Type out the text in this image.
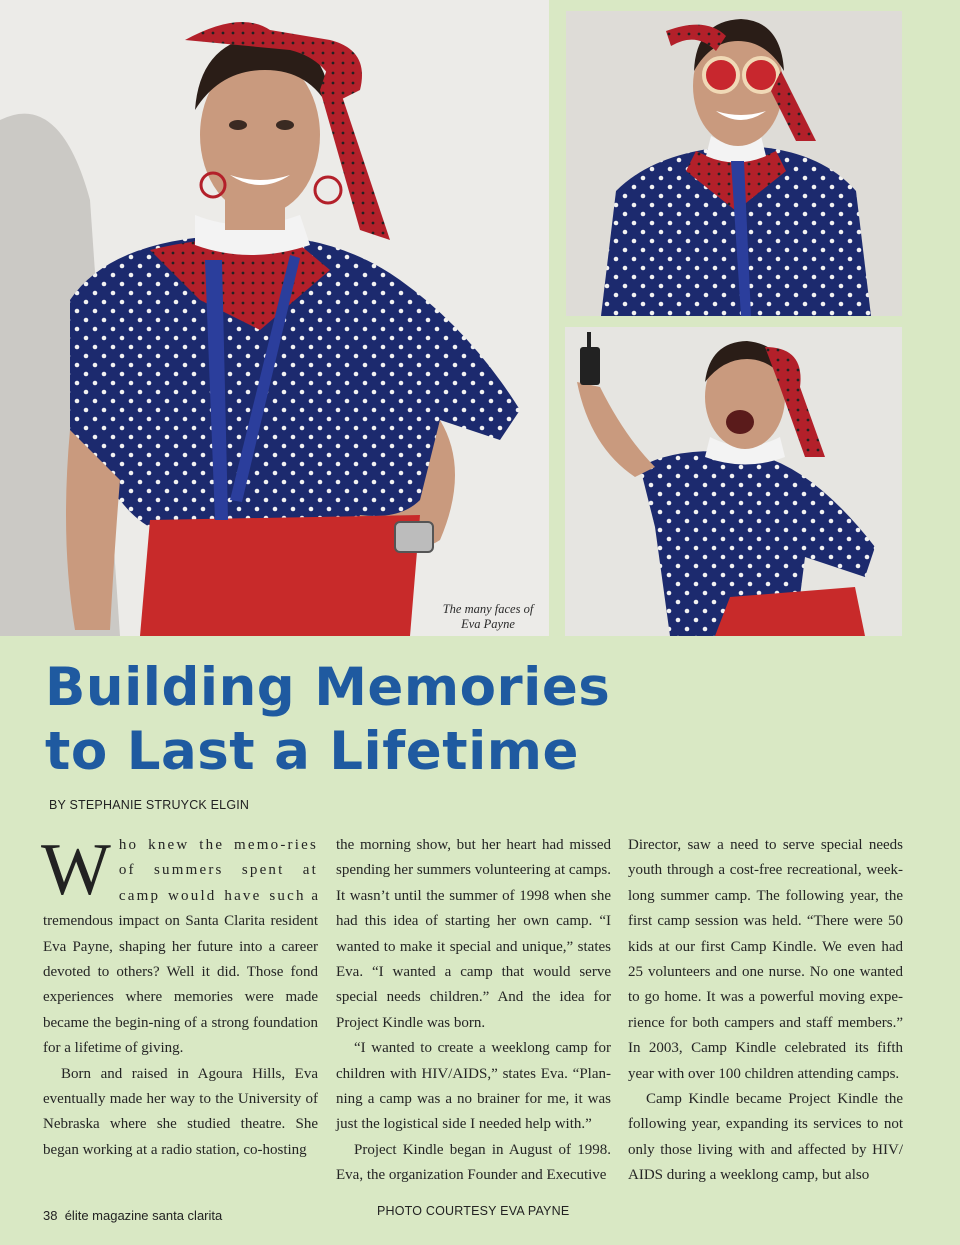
The many faces of
Eva Payne
Building Memories
to Last a Lifetime
BY STEPHANIE STRUYCK ELGIN

Who knew the memo-ries of summers spent at camp would have such a tremendous impact on Santa Clarita resident Eva Payne, shaping her future into a career devoted to others? Well it did. Those fond experiences where memories were made became the begin-ning of a strong foundation for a lifetime of giving.

Born and raised in Agoura Hills, Eva eventually made her way to the University of Nebraska where she studied theatre. She began working at a radio station, co-hosting

the morning show, but her heart had missed spending her summers volunteering at camps. It wasn’t until the summer of 1998 when she had this idea of starting her own camp. “I wanted to make it special and unique,” states Eva. “I wanted a camp that would serve special needs children.” And the idea for Project Kindle was born.

“I wanted to create a weeklong camp for children with HIV/AIDS,” states Eva. “Plan-ning a camp was a no brainer for me, it was just the logistical side I needed help with.”

Project Kindle began in August of 1998. Eva, the organization Founder and Executive

Director, saw a need to serve special needs youth through a cost-free recreational, week-long summer camp. The following year, the first camp session was held. “There were 50 kids at our first Camp Kindle. We even had 25 volunteers and one nurse. No one wanted to go home. It was a powerful moving expe-rience for both campers and staff members.” In 2003, Camp Kindle celebrated its fifth year with over 100 children attending camps.

Camp Kindle became Project Kindle the following year, expanding its services to not only those living with and affected by HIV/ AIDS during a weeklong camp, but also

38 élite magazine santa clarita	PHOTO COURTESY EVA PAYNE
